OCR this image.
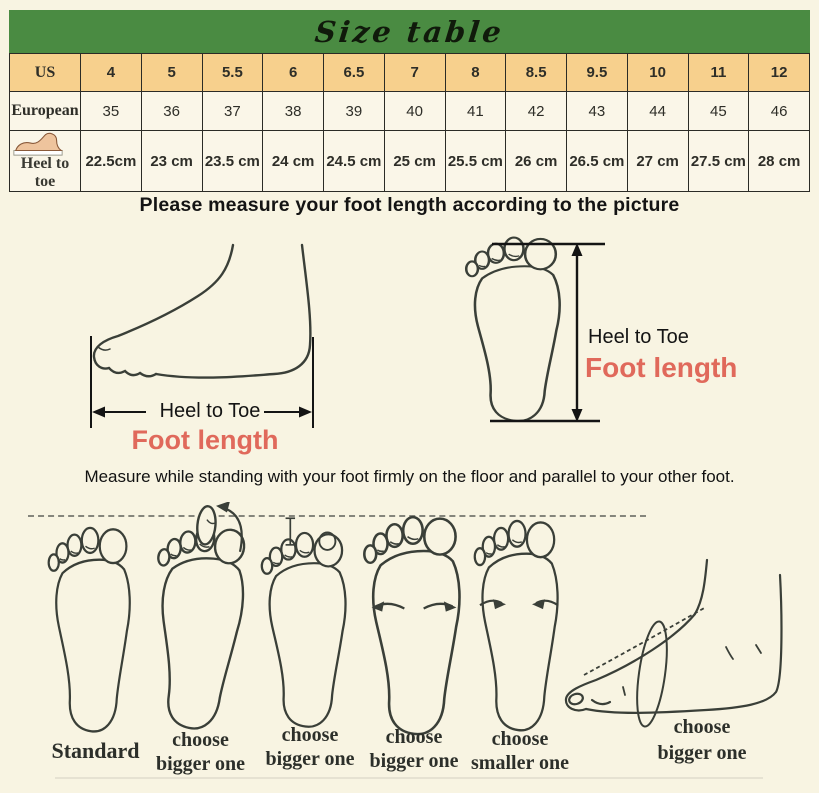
Size table
US	4	5	5.5	6	6.5	7	8	8.5	9.5	10	11	12
European	35	36	37	38	39	40	41	42	43	44	45	46

Heel to toe	22.5cm	23 cm	23.5 cm	24 cm	24.5 cm	25 cm	25.5 cm	26 cm	26.5 cm	27 cm	27.5 cm	28 cm
Please measure your foot length according to the picture
Heel to Toe
Foot length
Heel to Toe
Foot length
Measure while standing with your foot firmly on the floor and parallel to your other foot.
Standard	choose
bigger one
choose
bigger one
choose
bigger one
choose
smaller one
choose
bigger one
